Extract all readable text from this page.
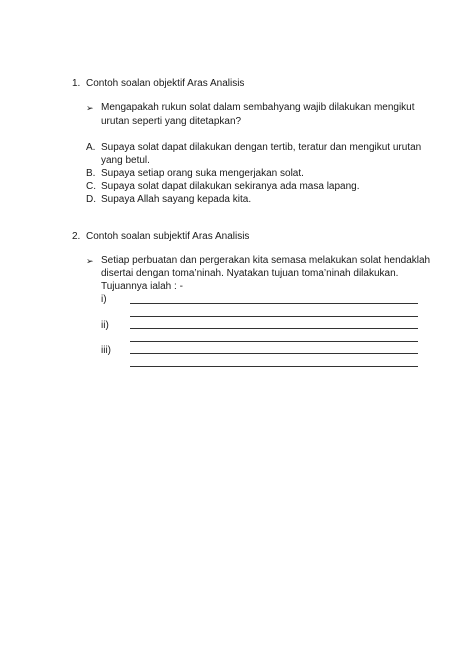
1. Contoh soalan objektif Aras Analisis
➢ Mengapakah rukun solat dalam sembahyang wajib dilakukan mengikut
urutan seperti yang ditetapkan?
A. Supaya solat dapat dilakukan dengan tertib, teratur dan mengikut urutan
yang betul.
B. Supaya setiap orang suka mengerjakan solat.
C. Supaya solat dapat dilakukan sekiranya ada masa lapang.
D. Supaya Allah sayang kepada kita.
2. Contoh soalan subjektif Aras Analisis
➢ Setiap perbuatan dan pergerakan kita semasa melakukan solat hendaklah
disertai dengan toma’ninah. Nyatakan tujuan toma’ninah dilakukan.
Tujuannya ialah : -
i)
ii)
iii)
